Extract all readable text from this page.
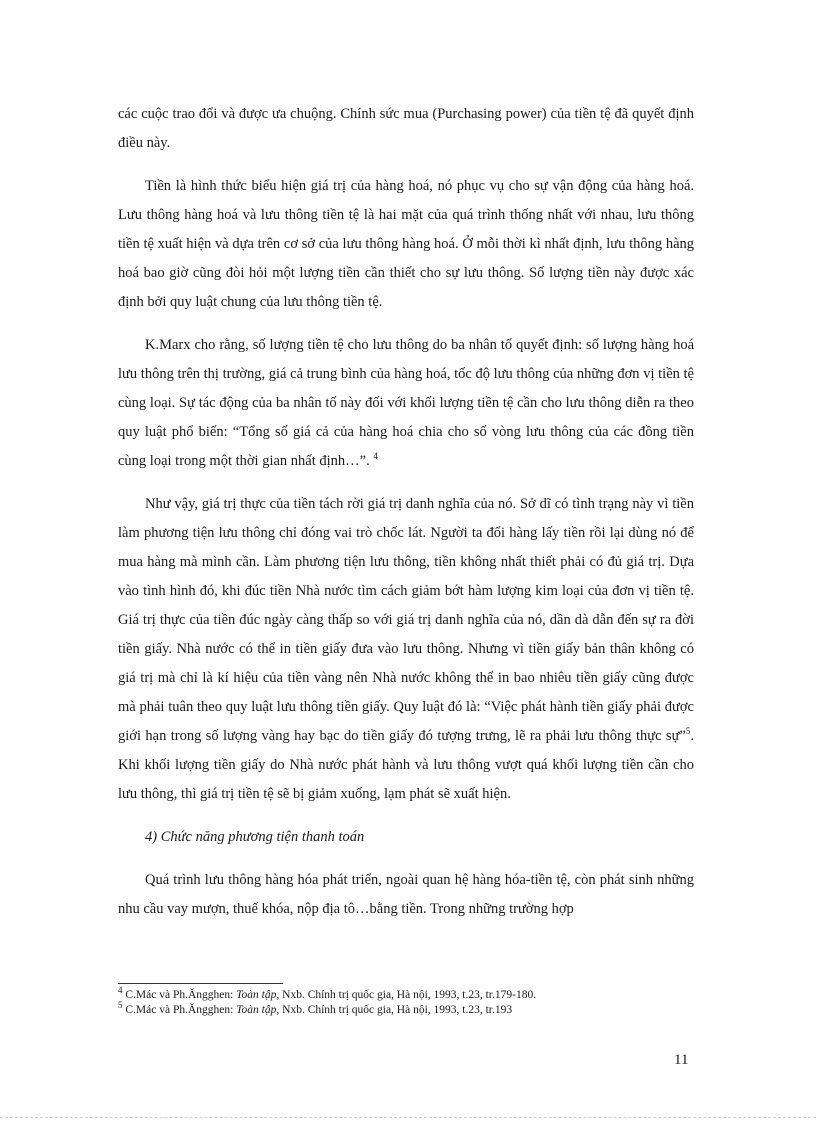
các cuộc trao đổi và được ưa chuộng. Chính sức mua (Purchasing power) của tiền tệ đã quyết định điều này.

Tiền là hình thức biểu hiện giá trị của hàng hoá, nó phục vụ cho sự vận động của hàng hoá. Lưu thông hàng hoá và lưu thông tiền tệ là hai mặt của quá trình thống nhất với nhau, lưu thông tiền tệ xuất hiện và dựa trên cơ sở của lưu thông hàng hoá. Ở mỗi thời kì nhất định, lưu thông hàng hoá bao giờ cũng đòi hỏi một lượng tiền cần thiết cho sự lưu thông. Số lượng tiền này được xác định bởi quy luật chung của lưu thông tiền tệ.

K.Marx cho rằng, số lượng tiền tệ cho lưu thông do ba nhân tố quyết định: số lượng hàng hoá lưu thông trên thị trường, giá cả trung bình của hàng hoá, tốc độ lưu thông của những đơn vị tiền tệ cùng loại. Sự tác động của ba nhân tố này đối với khối lượng tiền tệ cần cho lưu thông diễn ra theo quy luật phổ biến: “Tổng số giá cả của hàng hoá chia cho số vòng lưu thông của các đồng tiền cùng loại trong một thời gian nhất định…”. $^4$

Như vậy, giá trị thực của tiền tách rời giá trị danh nghĩa của nó. Sở dĩ có tình trạng này vì tiền làm phương tiện lưu thông chỉ đóng vai trò chốc lát. Người ta đổi hàng lấy tiền rồi lại dùng nó để mua hàng mà mình cần. Làm phương tiện lưu thông, tiền không nhất thiết phải có đủ giá trị. Dựa vào tình hình đó, khi đúc tiền Nhà nước tìm cách giảm bớt hàm lượng kim loại của đơn vị tiền tệ. Giá trị thực của tiền đúc ngày càng thấp so với giá trị danh nghĩa của nó, dần dà dẫn đến sự ra đời tiền giấy. Nhà nước có thể in tiền giấy đưa vào lưu thông. Nhưng vì tiền giấy bản thân không có giá trị mà chỉ là kí hiệu của tiền vàng nên Nhà nước không thể in bao nhiêu tiền giấy cũng được mà phải tuân theo quy luật lưu thông tiền giấy. Quy luật đó là: “Việc phát hành tiền giấy phải được giới hạn trong số lượng vàng hay bạc do tiền giấy đó tượng trưng, lẽ ra phải lưu thông thực sự”$^5$. Khi khối lượng tiền giấy do Nhà nước phát hành và lưu thông vượt quá khối lượng tiền cần cho lưu thông, thì giá trị tiền tệ sẽ bị giảm xuống, lạm phát sẽ xuất hiện.

4) Chức năng phương tiện thanh toán

Quá trình lưu thông hàng hóa phát triển, ngoài quan hệ hàng hóa-tiền tệ, còn phát sinh những nhu cầu vay mượn, thuế khóa, nộp địa tô…bằng tiền. Trong những trường hợp

$^4$ C.Mác và Ph.Ăngghen: Toàn tập, Nxb. Chính trị quốc gia, Hà nội, 1993, t.23, tr.179-180.

$^5$ C.Mác và Ph.Ăngghen: Toàn tập, Nxb. Chính trị quốc gia, Hà nội, 1993, t.23, tr.193

11
